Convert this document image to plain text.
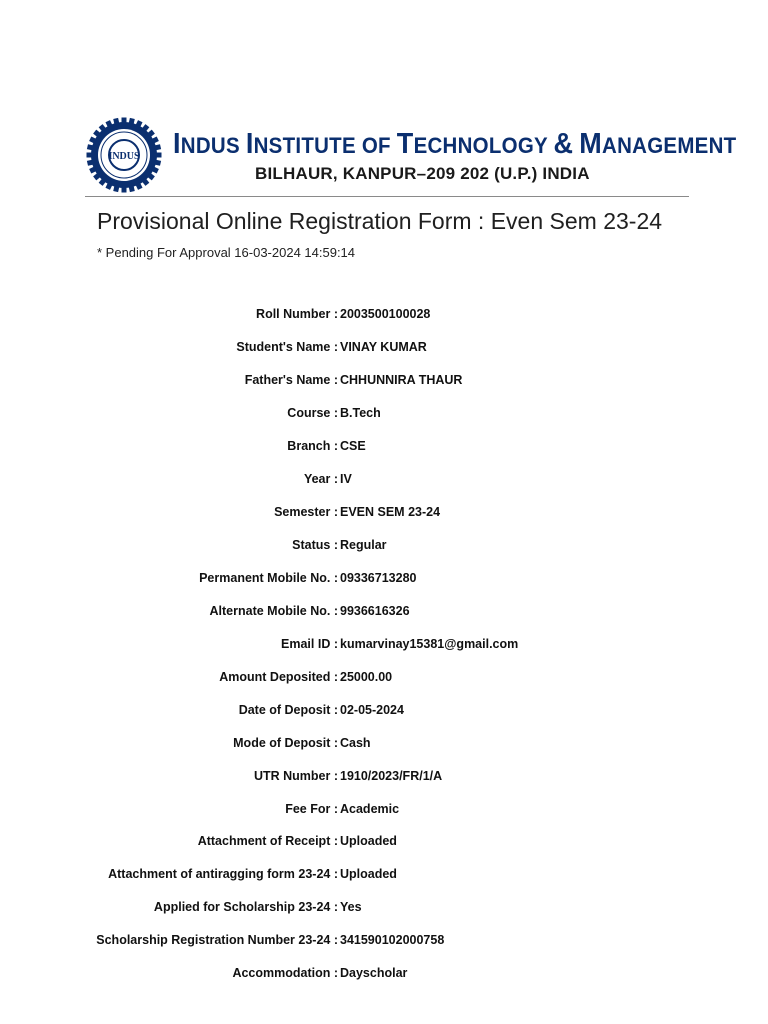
INDUS INDUS INSTITUTE OF TECHNOLOGY & MANAGEMENT
BILHAUR, KANPUR–209 202 (U.P.) INDIA
Provisional Online Registration Form : Even Sem 23-24
* Pending For Approval 16-03-2024 14:59:14
Roll Number : 2003500100028
Student's Name : VINAY KUMAR
Father's Name : CHHUNNIRA THAUR
Course : B.Tech
Branch : CSE
Year : IV
Semester : EVEN SEM 23-24
Status : Regular
Permanent Mobile No. : 09336713280
Alternate Mobile No. : 9936616326
Email ID : kumarvinay15381@gmail.com
Amount Deposited : 25000.00
Date of Deposit : 02-05-2024
Mode of Deposit : Cash
UTR Number : 1910/2023/FR/1/A
Fee For : Academic
Attachment of Receipt : Uploaded
Attachment of antiragging form 23-24 : Uploaded
Applied for Scholarship 23-24 : Yes
Scholarship Registration Number 23-24 : 341590102000758
Accommodation : Dayscholar
